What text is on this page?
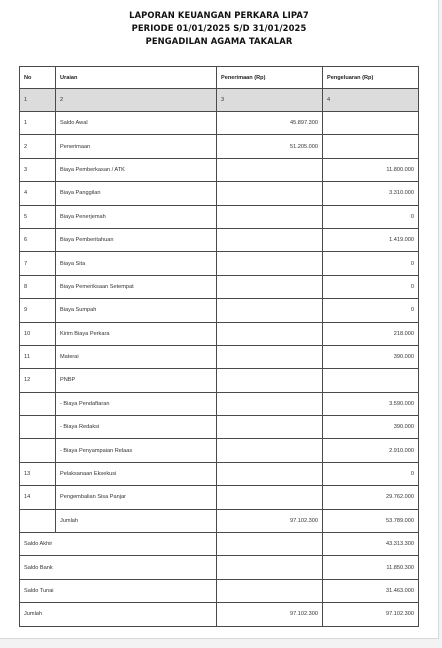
LAPORAN KEUANGAN PERKARA LIPA7
PERIODE 01/01/2025 S/D 31/01/2025
PENGADILAN AGAMA TAKALAR
No	Uraian	Penerimaan (Rp)	Pengeluaran (Rp)
1	2	3	4
1	Saldo Awal	45.897.300	
2	Penerimaan	51.205.000	
3	Biaya Pemberkasan / ATK		11.800.000
4	Biaya Panggilan		3.310.000
5	Biaya Penerjemah		0
6	Biaya Pemberitahuan		1.419.000
7	Biaya Sita		0
8	Biaya Pemeriksaan Setempat		0
9	Biaya Sumpah		0
10	Kirim Biaya Perkara		218.000
11	Materai		390.000
12	PNBP		
	- Biaya Pendaftaran		3.590.000
	- Biaya Redaksi		390.000
	- Biaya Penyampaian Relaas		2.910.000
13	Pelaksanaan Eksekusi		0
14	Pengembalian Sisa Panjar		29.762.000
	Jumlah	97.102.300	53.789.000
Saldo Akhir			43.313.300
Saldo Bank			11.850.300
Saldo Tunai			31.463.000
Jumlah		97.102.300	97.102.300
